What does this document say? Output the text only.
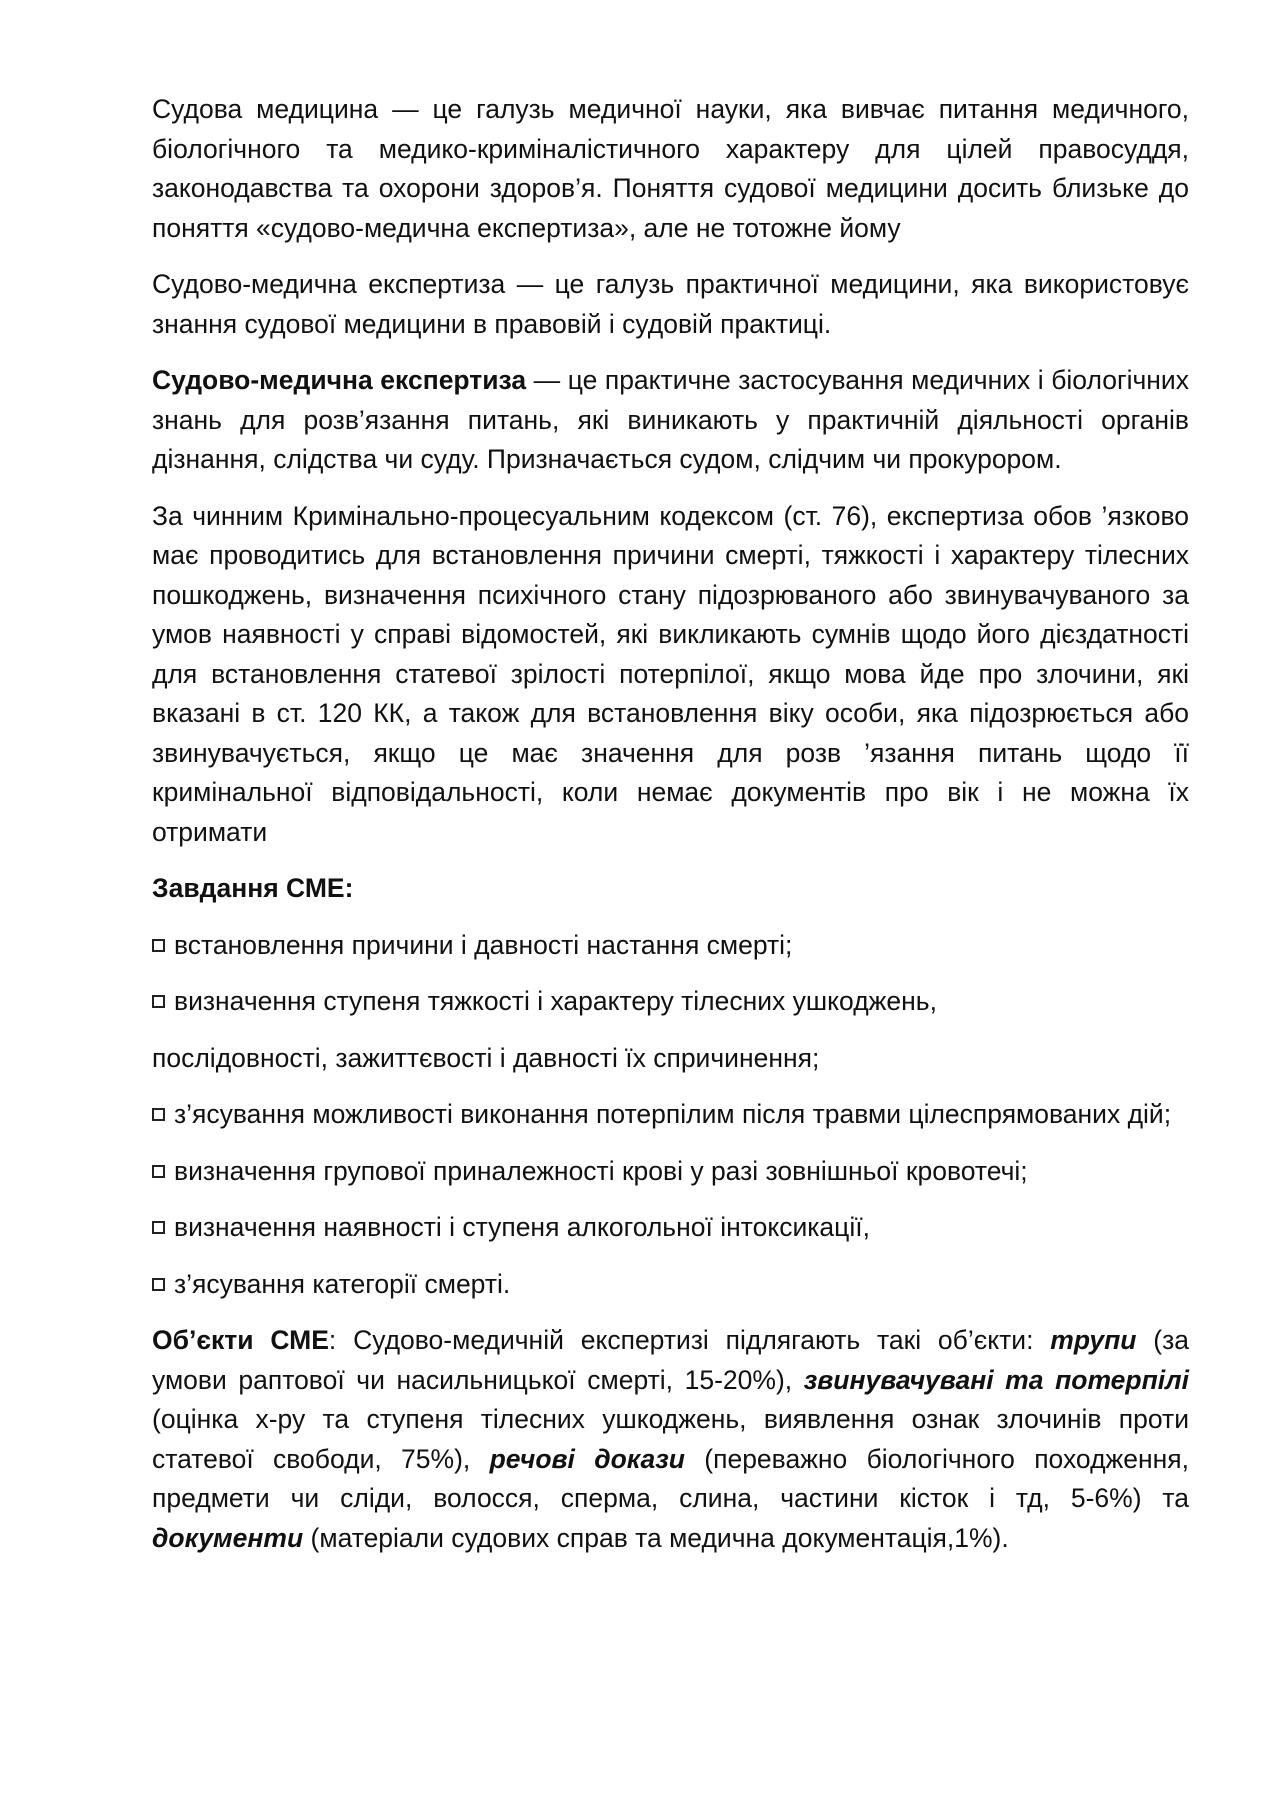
Судова медицина — це галузь медичної науки, яка вивчає питання медичного, біологічного та медико-криміналістичного характеру для цілей правосуддя, законодавства та охорони здоров’я. Поняття судової медицини досить близьке до поняття «судово-медична експертиза», але не тотожне йому

Судово-медична експертиза — це галузь практичної медицини, яка використовує знання судової медицини в правовій і судовій практиці.

Судово-медична експертиза — це практичне застосування медичних і біологічних знань для розв’язання питань, які виникають у практичній діяльності органів дізнання, слідства чи суду. Призначається судом, слідчим чи прокурором.

За чинним Кримінально-процесуальним кодексом (ст. 76), експертиза обов ’язково має проводитись для встановлення причини смерті, тяжкості і характеру тілесних пошкоджень, визначення психічного стану підозрюваного або звинувачуваного за умов наявності у справі відомостей, які викликають сумнів щодо його дієздатності для встановлення статевої зрілості потерпілої, якщо мова йде про злочини, які вказані в ст. 120 КК, а також для встановлення віку особи, яка підозрюється або звинувачується, якщо це має значення для розв ’язання питань щодо її кримінальної відповідальності, коли немає документів про вік і не можна їх отримати

Завдання СМЕ:

встановлення причини і давності настання смерті;

визначення ступеня тяжкості і характеру тілесних ушкоджень,

послідовності, зажиттєвості і давності їх спричинення;

з’ясування можливості виконання потерпілим після травми цілеспрямованих дій;

визначення групової приналежності крові у разі зовнішньої кровотечі;

визначення наявності і ступеня алкогольної інтоксикації,

з’ясування категорії смерті.

Об’єкти СМЕ: Судово-медичній експертизі підлягають такі об’єкти: трупи (за умови раптової чи насильницької смерті, 15-20%), звинувачувані та потерпілі (оцінка х-ру та ступеня тілесних ушкоджень, виявлення ознак злочинів проти статевої свободи, 75%), речові докази (переважно біологічного походження, предмети чи сліди, волосся, сперма, слина, частини кісток і тд, 5-6%) та документи (матеріали судових справ та медична документація,1%).
